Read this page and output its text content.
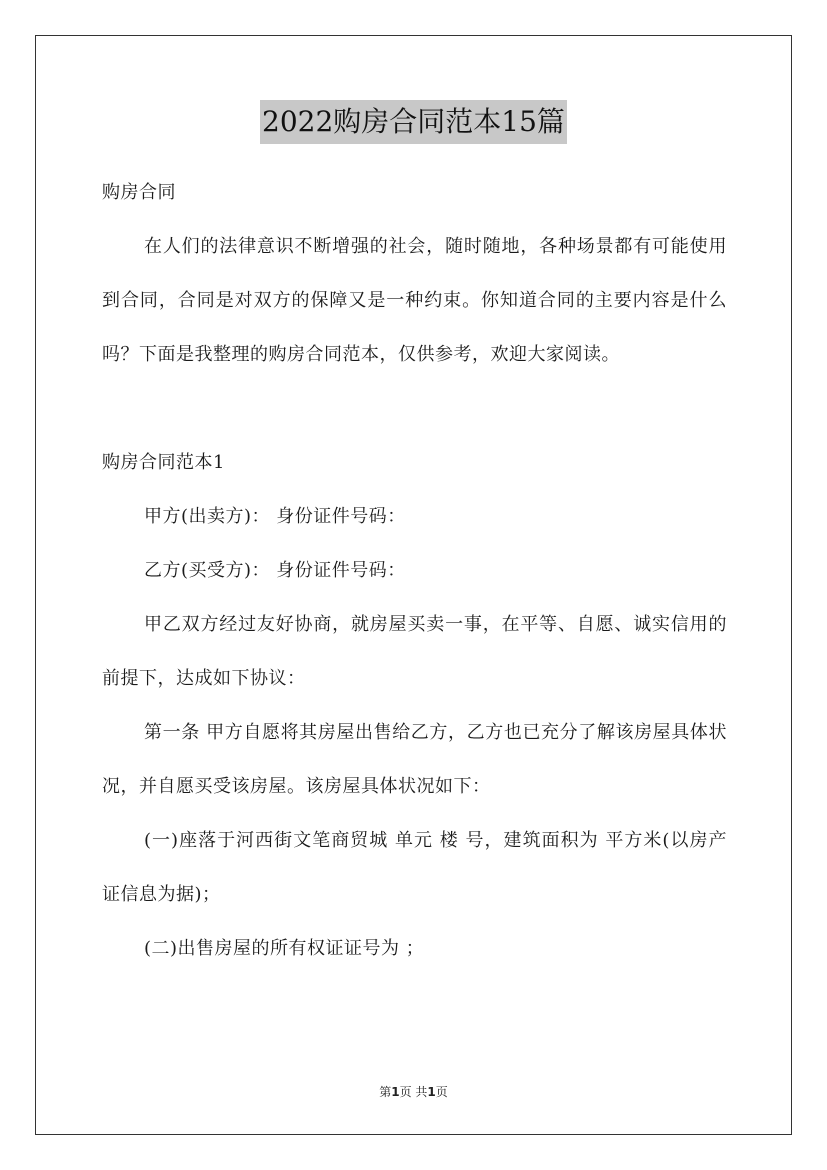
2022购房合同范本15篇

购房合同

在人们的法律意识不断增强的社会，随时随地，各种场景都有可能使用到合同，合同是对双方的保障又是一种约束。你知道合同的主要内容是什么吗？下面是我整理的购房合同范本，仅供参考，欢迎大家阅读。

购房合同范本1

甲方(出卖方)： 身份证件号码：

乙方(买受方)： 身份证件号码：

甲乙双方经过友好协商，就房屋买卖一事，在平等、自愿、诚实信用的前提下，达成如下协议：

第一条 甲方自愿将其房屋出售给乙方，乙方也已充分了解该房屋具体状况，并自愿买受该房屋。该房屋具体状况如下：

(一)座落于河西街文笔商贸城 单元 楼 号，建筑面积为 平方米(以房产证信息为据)；

(二)出售房屋的所有权证证号为 ；

第1页 共1页
